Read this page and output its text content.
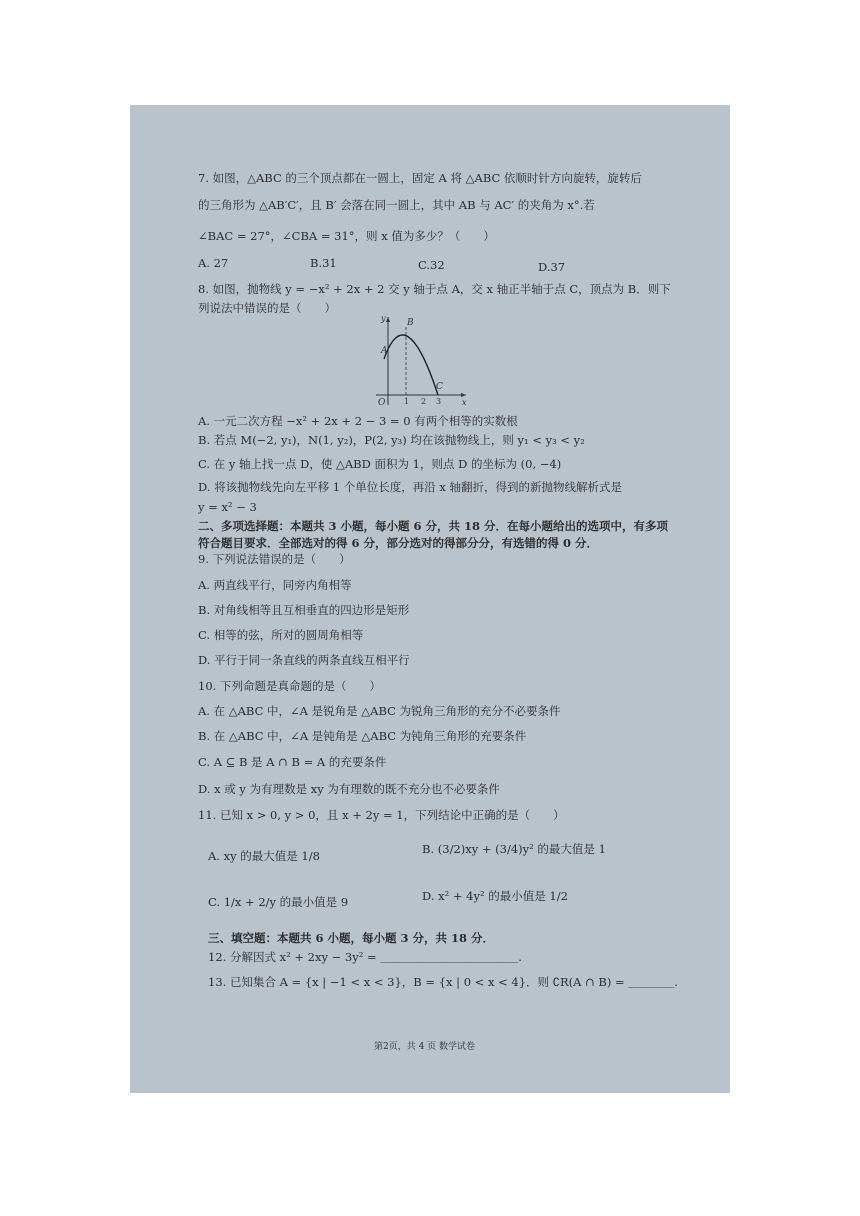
7. 如图，△ABC 的三个顶点都在一圆上，固定 A 将 △ABC 依顺时针方向旋转，旋转后
的三角形为 △AB′C′，且 B′ 会落在同一圆上，其中 AB 与 AC′ 的夹角为 x°.若
∠BAC = 27°，∠CBA = 31°，则 x 值为多少？（　　）
A. 27	B.31	C.32	D.37
8. 如图，抛物线 y = −x² + 2x + 2 交 y 轴于点 A，交 x 轴正半轴于点 C，顶点为 B．则下
列说法中错误的是（　　）
y
x
B
A
C
O 1 2 3
A. 一元二次方程 −x² + 2x + 2 − 3 = 0 有两个相等的实数根
B. 若点 M(−2, y₁)，N(1, y₂)，P(2, y₃) 均在该抛物线上，则 y₁ < y₃ < y₂
C. 在 y 轴上找一点 D，使 △ABD 面积为 1，则点 D 的坐标为 (0, −4)
D. 将该抛物线先向左平移 1 个单位长度，再沿 x 轴翻折，得到的新抛物线解析式是
y = x² − 3
二、多项选择题：本题共 3 小题，每小题 6 分，共 18 分．在每小题给出的选项中，有多项
符合题目要求．全部选对的得 6 分，部分选对的得部分分，有选错的得 0 分．
9. 下列说法错误的是（　　）
A. 两直线平行，同旁内角相等
B. 对角线相等且互相垂直的四边形是矩形
C. 相等的弦，所对的圆周角相等
D. 平行于同一条直线的两条直线互相平行
10. 下列命题是真命题的是（　　）
A. 在 △ABC 中，∠A 是锐角是 △ABC 为锐角三角形的充分不必要条件
B. 在 △ABC 中，∠A 是钝角是 △ABC 为钝角三角形的充要条件
C. A ⊆ B 是 A ∩ B = A 的充要条件
D. x 或 y 为有理数是 xy 为有理数的既不充分也不必要条件
11. 已知 x > 0, y > 0，且 x + 2y = 1，下列结论中正确的是（　　）
A. xy 的最大值是 1/8	B. (3/2)xy + (3/4)y² 的最大值是 1
C. 1/x + 2/y 的最小值是 9	D. x² + 4y² 的最小值是 1/2
三、填空题：本题共 6 小题，每小题 3 分，共 18 分．
12. 分解因式 x² + 2xy − 3y² = ＿＿＿＿＿＿＿＿＿＿＿＿.
13. 已知集合 A = {x | −1 < x < 3}，B = {x | 0 < x < 4}．则 ∁R(A ∩ B) = ＿＿＿＿.
第2页，共 4 页 数学试卷
